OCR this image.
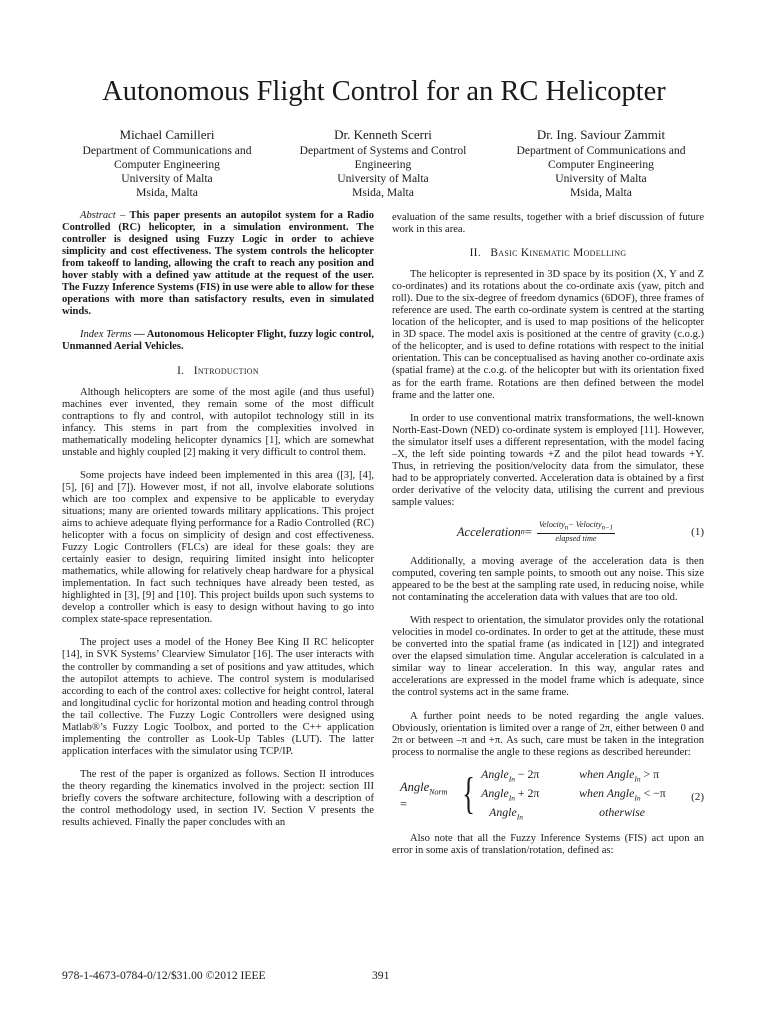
Autonomous Flight Control for an RC Helicopter
Michael Camilleri
Department of Communications and
Computer Engineering
University of Malta
Msida, Malta
Dr. Kenneth Scerri
Department of Systems and Control
Engineering
University of Malta
Msida, Malta
Dr. Ing. Saviour Zammit
Department of Communications and
Computer Engineering
University of Malta
Msida, Malta

Abstract – This paper presents an autopilot system for a Radio Controlled (RC) helicopter, in a simulation environment. The controller is designed using Fuzzy Logic in order to achieve simplicity and cost effectiveness. The system controls the helicopter from takeoff to landing, allowing the craft to reach any position and hover stably with a defined yaw attitude at the request of the user. The Fuzzy Inference Systems (FIS) in use were able to allow for these operations with more than satisfactory results, even in simulated winds.

Index Terms — Autonomous Helicopter Flight, fuzzy logic control, Unmanned Aerial Vehicles.

I. Introduction

Although helicopters are some of the most agile (and thus useful) machines ever invented, they remain some of the most difficult contraptions to fly and control, with autopilot technology still in its infancy. This stems in part from the complexities involved in mathematically modeling helicopter dynamics [1], which are somewhat unstable and highly coupled [2] making it very difficult to control them.

Some projects have indeed been implemented in this area ([3], [4], [5], [6] and [7]). However most, if not all, involve elaborate solutions which are too complex and expensive to be applicable to everyday situations; many are oriented towards military applications. This project aims to achieve adequate flying performance for a Radio Controlled (RC) helicopter with a focus on simplicity of design and cost effectiveness. Fuzzy Logic Controllers (FLCs) are ideal for these goals: they are certainly easier to design, requiring limited insight into helicopter mathematics, while allowing for relatively cheap hardware for a physical implementation. In fact such techniques have already been tested, as highlighted in [3], [9] and [10]. This project builds upon such systems to develop a controller which is easy to design without having to go into complex state-space representation.

The project uses a model of the Honey Bee King II RC helicopter [14], in SVK Systems’ Clearview Simulator [16]. The user interacts with the controller by commanding a set of positions and yaw attitudes, which the autopilot attempts to achieve. The control system is modularised according to each of the control axes: collective for height control, lateral and longitudinal cyclic for horizontal motion and heading control through the tail collective. The Fuzzy Logic Controllers were designed using Matlab®’s Fuzzy Logic Toolbox, and ported to the C++ application implementing the controller as Look-Up Tables (LUT). The latter application interfaces with the simulator using TCP/IP.

The rest of the paper is organized as follows. Section II introduces the theory regarding the kinematics involved in the project: section III briefly covers the software architecture, following with a description of the control methodology used, in section IV. Section V presents the results achieved. Finally the paper concludes with an

evaluation of the same results, together with a brief discussion of future work in this area.

II. Basic Kinematic Modelling

The helicopter is represented in 3D space by its position (X, Y and Z co-ordinates) and its rotations about the co-ordinate axis (yaw, pitch and roll). Due to the six-degree of freedom dynamics (6DOF), three frames of reference are used. The earth co-ordinate system is centred at the starting location of the helicopter, and is used to map positions of the helicopter in 3D space. The model axis is positioned at the centre of gravity (c.o.g.) of the helicopter, and is used to define rotations with respect to the initial orientation. This can be conceptualised as having another co-ordinate axis (spatial frame) at the c.o.g. of the helicopter but with its orientation fixed as for the earth frame. Rotations are then defined between the model frame and the latter one.

In order to use conventional matrix transformations, the well-known North-East-Down (NED) co-ordinate system is employed [11]. However, the simulator itself uses a different representation, with the model facing –X, the left side pointing towards +Z and the pilot head towards +Y. Thus, in retrieving the position/velocity data from the simulator, these had to be appropriately converted. Acceleration data is obtained by a first order derivative of the velocity data, utilising the current and previous sample values:

Acceleration $n = \frac{Velocity_n- Velocity_{n-1}}{\text{elapsed time}}$	(1)

Additionally, a moving average of the acceleration data is then computed, covering ten sample points, to smooth out any noise. This size appeared to be the best at the sampling rate used, in reducing noise, while not contaminating the acceleration data with values that are too old.

With respect to orientation, the simulator provides only the rotational velocities in model co-ordinates. In order to get at the attitude, these must be converted into the spatial frame (as indicated in [12]) and integrated over the elapsed simulation time. Angular acceleration is calculated in a similar way to linear acceleration. In this way, angular rates and accelerations are expressed in the model frame which is adequate, since the control systems act in the same frame.

A further point needs to be noted regarding the angle values. Obviously, orientation is limited over a range of 2π, either between 0 and 2π or between –π and +π. As such, care must be taken in the integration process to normalise the angle to these regions as described hereunder:

Angle$_{Norm}$ =	{ Angle$_{In}$ − 2π	when Angle$_{In}$ > π
Angle$_{In}$ + 2π	when Angle$_{In}$ < −π
Angle$_{In}$	otherwise
(2)

Also note that all the Fuzzy Inference Systems (FIS) act upon an error in some axis of translation/rotation, defined as:

978-1-4673-0784-0/12/$31.00 ©2012 IEEE	391
